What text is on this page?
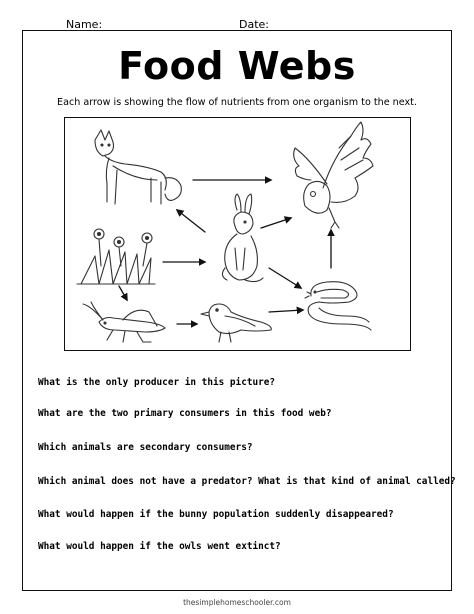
Name:	Date:
Food Webs
Each arrow is showing the flow of nutrients from one organism to the next.
What is the only producer in this picture?
What are the two primary consumers in this food web?
Which animals are secondary consumers?
Which animal does not have a predator? What is that kind of animal called?
What would happen if the bunny population suddenly disappeared?
What would happen if the owls went extinct?
thesimplehomeschooler.com
